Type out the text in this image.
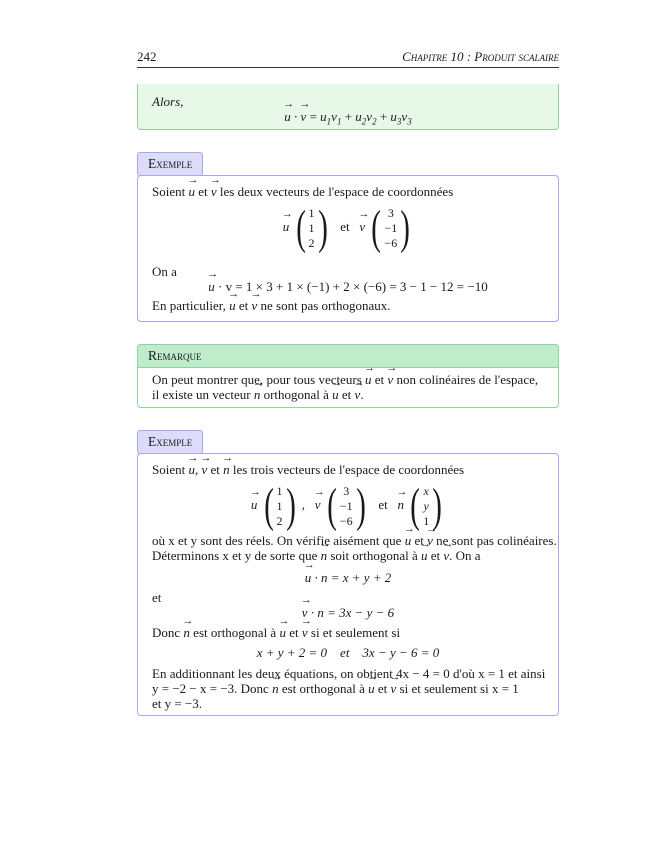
242	Chapitre 10 : Produit scalaire
Alors,
→ u · → $v = u_1v_1 + u_2v_2 + u_3v_3$
Exemple
Soient → u et → v les deux vecteurs de l'espace de coordonnées
→ u ( 1
1
2 ) et → v ( 3
−1
−6 )
On a
→ u · v = 1 × 3 + 1 × (−1) + 2 × (−6) = 3 − 1 − 12 = −10
En particulier, → u et → v ne sont pas orthogonaux.
Remarque
On peut montrer que, pour tous vecteurs → u et → v non colinéaires de l'espace,
il existe un vecteur → n orthogonal à → u et → v.
Exemple
Soient → u, → v et → n les trois vecteurs de l'espace de coordonnées
→ u ( 1
1
2 ) , → v ( 3
−1
−6 ) et → n ( x
y
1 )
où x et y sont des réels. On vérifie aisément que → u et → v ne sont pas colinéaires.
Déterminons x et y de sorte que → n soit orthogonal à → u et → v. On a
→ u · n = x + y + 2
et
→ v · n = 3x − y − 6
Donc → n est orthogonal à → u et → v si et seulement si
x + y + 2 = 0    et    3x − y − 6 = 0
En additionnant les deux équations, on obtient 4x − 4 = 0 d'où x = 1 et ainsi
y = −2 − x = −3. Donc → n est orthogonal à → u et → v si et seulement si x = 1
et y = −3.
